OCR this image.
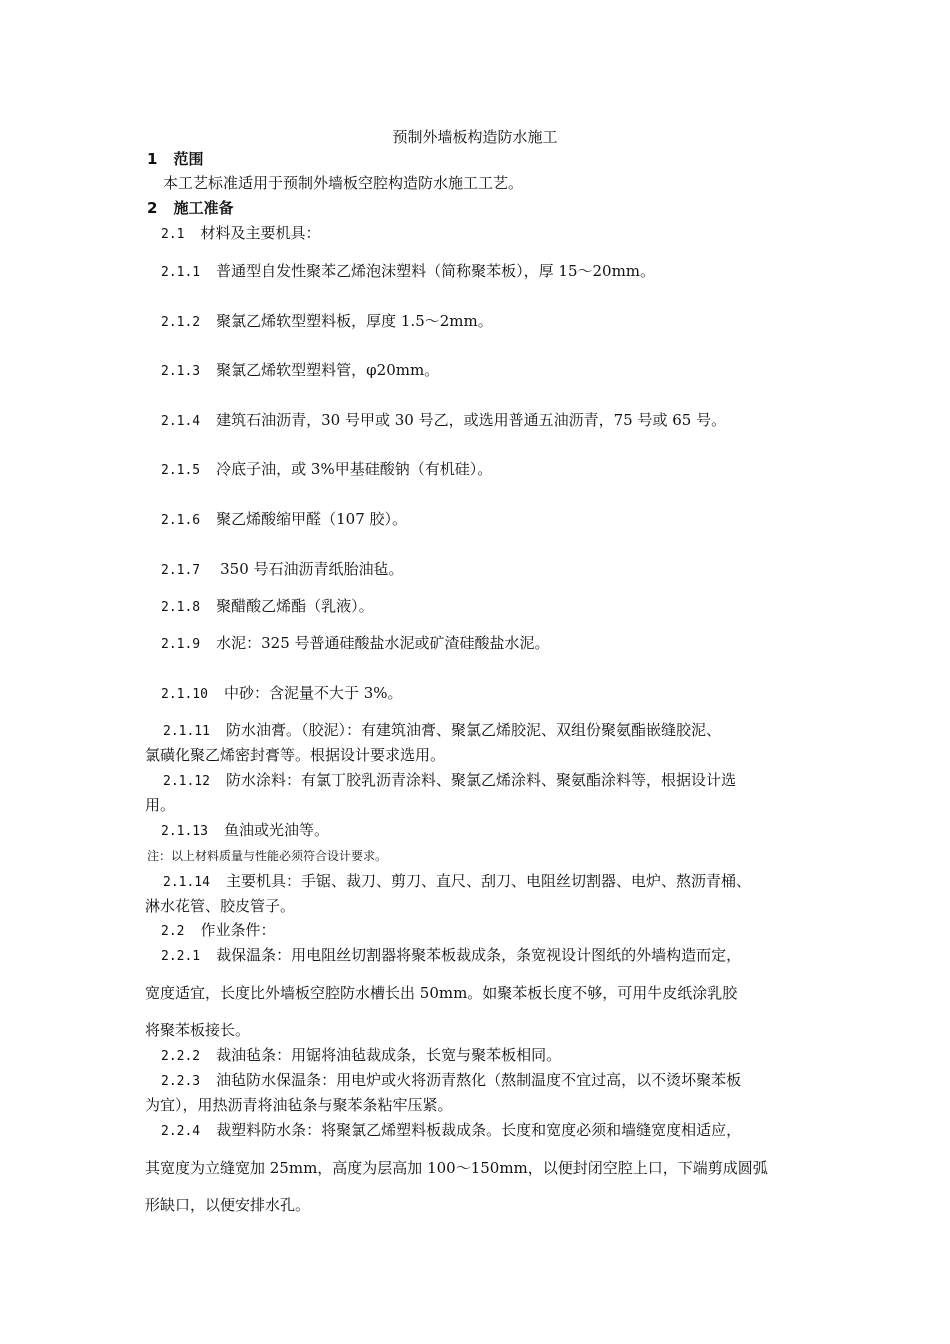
预制外墙板构造防水施工
1 范围
本工艺标准适用于预制外墙板空腔构造防水施工工艺。
2 施工准备
2.1 材料及主要机具：
2.1.1 普通型自发性聚苯乙烯泡沫塑料（简称聚苯板），厚 15～20mm。
2.1.2 聚氯乙烯软型塑料板，厚度 1.5～2mm。
2.1.3 聚氯乙烯软型塑料管，φ20mm。
2.1.4 建筑石油沥青，30 号甲或 30 号乙，或选用普通五油沥青，75 号或 65 号。
2.1.5 冷底子油，或 3%甲基硅酸钠（有机硅）。
2.1.6 聚乙烯酸缩甲醛（107 胶）。
2.1.7 350 号石油沥青纸胎油毡。
2.1.8 聚醋酸乙烯酯（乳液）。
2.1.9 水泥：325 号普通硅酸盐水泥或矿渣硅酸盐水泥。
2.1.10 中砂：含泥量不大于 3%。
2.1.11 防水油膏。（胶泥）：有建筑油膏、聚氯乙烯胶泥、双组份聚氨酯嵌缝胶泥、
氯磺化聚乙烯密封膏等。根据设计要求选用。
2.1.12 防水涂料：有氯丁胶乳沥青涂料、聚氯乙烯涂料、聚氨酯涂料等，根据设计选
用。
2.1.13 鱼油或光油等。
注：以上材料质量与性能必须符合设计要求。
2.1.14 主要机具：手锯、裁刀、剪刀、直尺、刮刀、电阻丝切割器、电炉、熬沥青桶、
淋水花管、胶皮管子。
2.2 作业条件：
2.2.1 裁保温条：用电阻丝切割器将聚苯板裁成条，条宽视设计图纸的外墙构造而定，
宽度适宜，长度比外墙板空腔防水槽长出 50mm。如聚苯板长度不够，可用牛皮纸涂乳胶
将聚苯板接长。
2.2.2 裁油毡条：用锯将油毡裁成条，长宽与聚苯板相同。
2.2.3 油毡防水保温条：用电炉或火将沥青熬化（熬制温度不宜过高，以不烫坏聚苯板
为宜），用热沥青将油毡条与聚苯条粘牢压紧。
2.2.4 裁塑料防水条：将聚氯乙烯塑料板裁成条。长度和宽度必须和墙缝宽度相适应，
其宽度为立缝宽加 25mm，高度为层高加 100～150mm，以便封闭空腔上口，下端剪成圆弧
形缺口，以便安排水孔。
